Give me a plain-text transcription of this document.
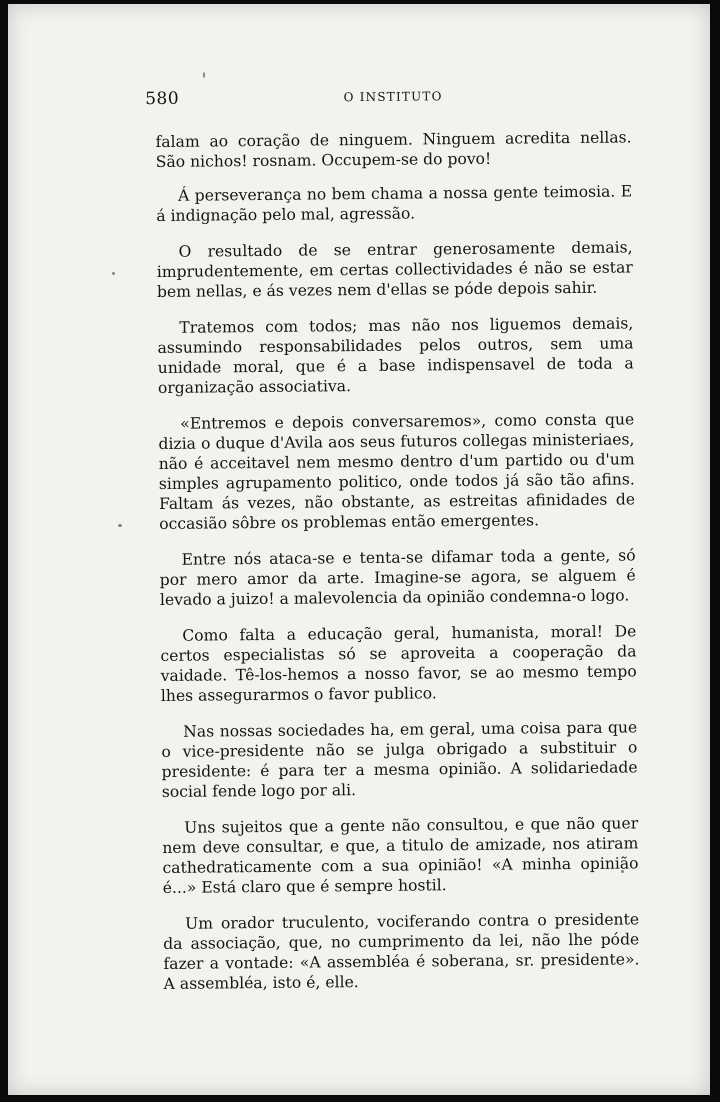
580	O INSTITUTO

falam ao coração de ninguem. Ninguem acredita nellas. São nichos! rosnam. Occupem-se do povo!

Á perseverança no bem chama a nossa gente teimosia. E á indignação pelo mal, agressão.

O resultado de se entrar generosamente demais, imprudentemente, em certas collectividades é não se estar bem nellas, e ás vezes nem d'ellas se póde depois sahir.

Tratemos com todos; mas não nos liguemos demais, assumindo responsabilidades pelos outros, sem uma unidade moral, que é a base indispensavel de toda a organização associativa.

«Entremos e depois conversaremos», como consta que dizia o duque d'Avila aos seus futuros collegas ministeriaes, não é acceitavel nem mesmo dentro d'um partido ou d'um simples agrupamento politico, onde todos já são tão afins. Faltam ás vezes, não obstante, as estreitas afinidades de occasião sôbre os problemas então emergentes.

Entre nós ataca-se e tenta-se difamar toda a gente, só por mero amor da arte. Imagine-se agora, se alguem é levado a juizo! a malevolencia da opinião condemna-o logo.

Como falta a educação geral, humanista, moral! De certos especialistas só se aproveita a cooperação da vaidade. Tê-los-hemos a nosso favor, se ao mesmo tempo lhes assegurarmos o favor publico.

Nas nossas sociedades ha, em geral, uma coisa para que o vice-presidente não se julga obrigado a substituir o presidente: é para ter a mesma opinião. A solidariedade social fende logo por ali.

Uns sujeitos que a gente não consultou, e que não quer nem deve consultar, e que, a titulo de amizade, nos atiram cathedraticamente com a sua opinião! «A minha opinião é...» Está claro que é sempre hostil.

Um orador truculento, vociferando contra o presidente da associação, que, no cumprimento da lei, não lhe póde fazer a vontade: «A assembléa é soberana, sr. presidente». A assembléa, isto é, elle.
